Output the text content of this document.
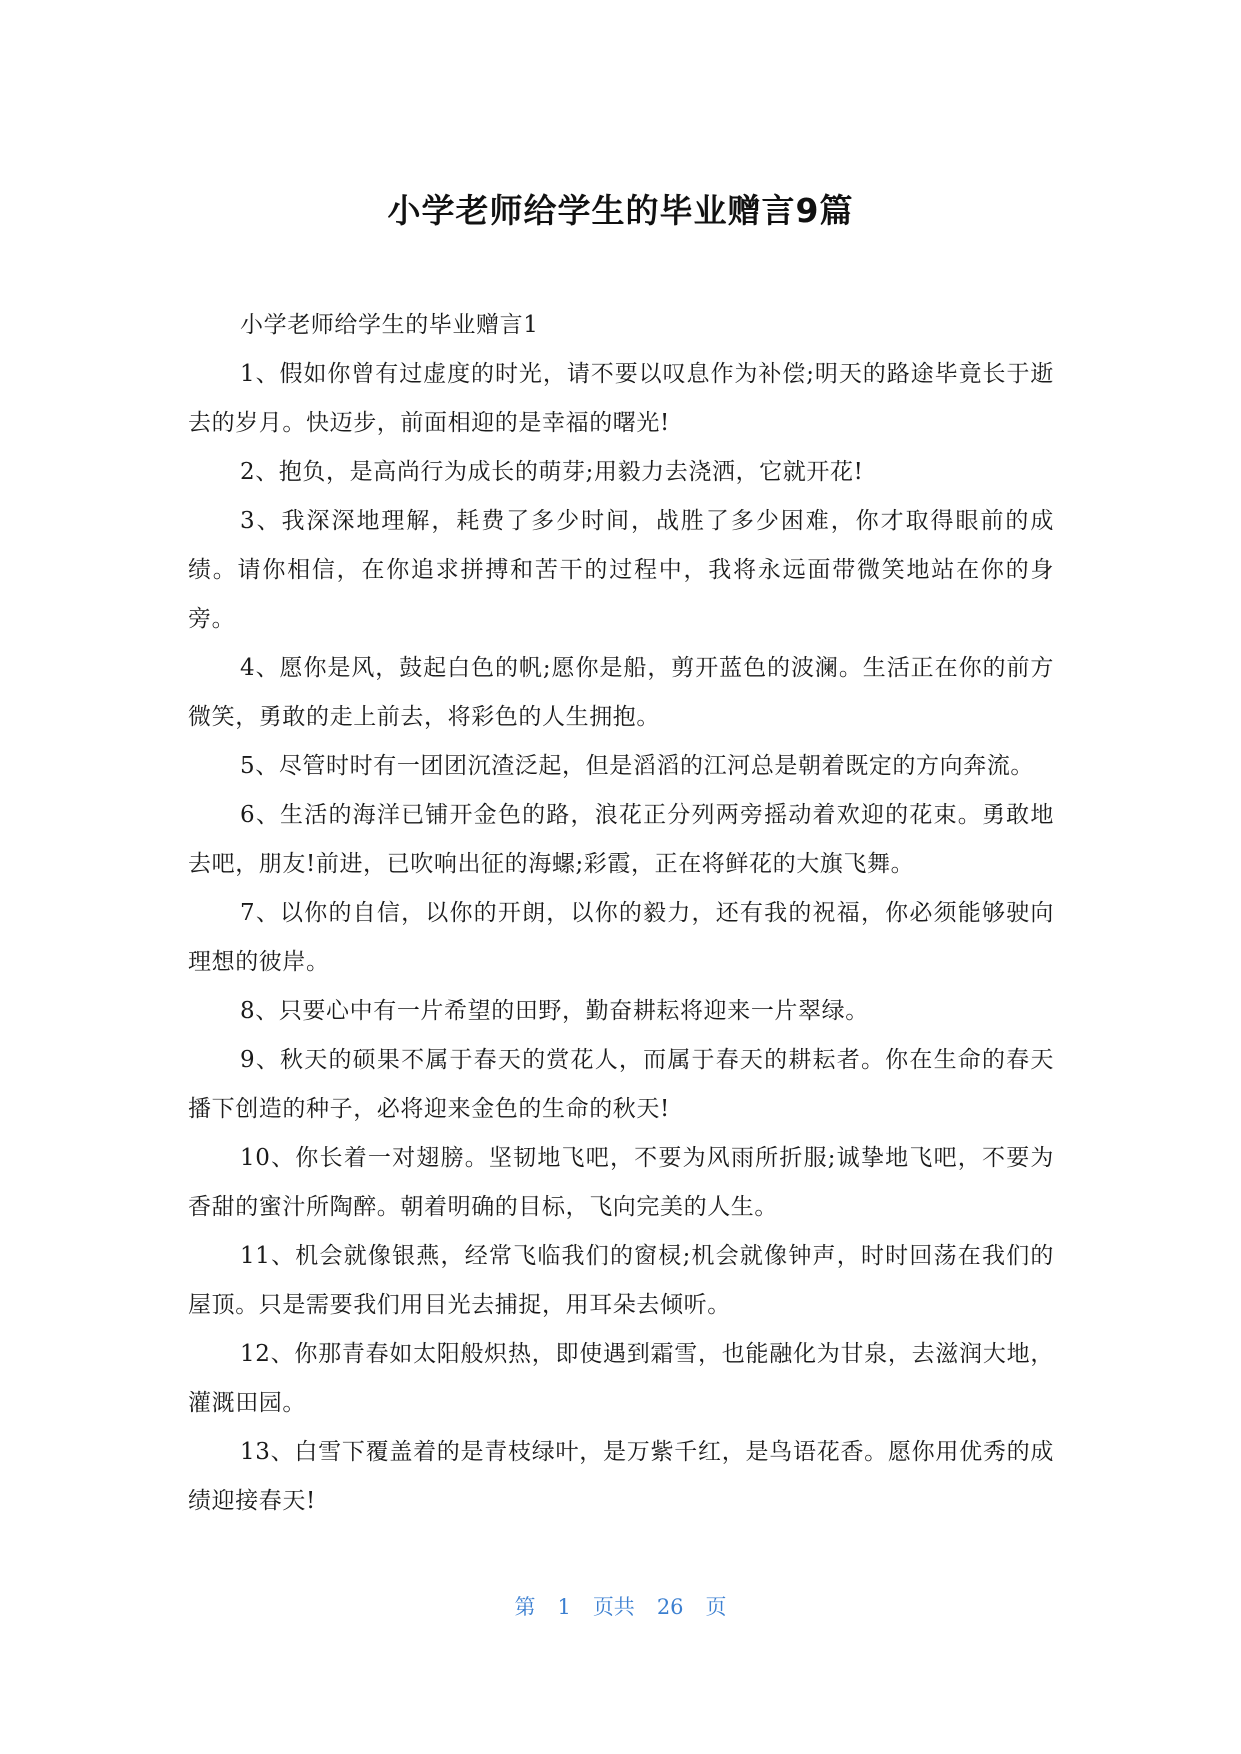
小学老师给学生的毕业赠言9篇

小学老师给学生的毕业赠言1

1、假如你曾有过虚度的时光，请不要以叹息作为补偿;明天的路途毕竟长于逝去的岁月。快迈步，前面相迎的是幸福的曙光!

2、抱负，是高尚行为成长的萌芽;用毅力去浇洒，它就开花!

3、我深深地理解，耗费了多少时间，战胜了多少困难，你才取得眼前的成绩。请你相信，在你追求拼搏和苦干的过程中，我将永远面带微笑地站在你的身旁。

4、愿你是风，鼓起白色的帆;愿你是船，剪开蓝色的波澜。生活正在你的前方微笑，勇敢的走上前去，将彩色的人生拥抱。

5、尽管时时有一团团沉渣泛起，但是滔滔的江河总是朝着既定的方向奔流。

6、生活的海洋已铺开金色的路，浪花正分列两旁摇动着欢迎的花束。勇敢地去吧，朋友!前进，已吹响出征的海螺;彩霞，正在将鲜花的大旗飞舞。

7、以你的自信，以你的开朗，以你的毅力，还有我的祝福，你必须能够驶向理想的彼岸。

8、只要心中有一片希望的田野，勤奋耕耘将迎来一片翠绿。

9、秋天的硕果不属于春天的赏花人，而属于春天的耕耘者。你在生命的春天播下创造的种子，必将迎来金色的生命的秋天!

10、你长着一对翅膀。坚韧地飞吧，不要为风雨所折服;诚挚地飞吧，不要为香甜的蜜汁所陶醉。朝着明确的目标，飞向完美的人生。

11、机会就像银燕，经常飞临我们的窗棂;机会就像钟声，时时回荡在我们的屋顶。只是需要我们用目光去捕捉，用耳朵去倾听。

12、你那青春如太阳般炽热，即使遇到霜雪，也能融化为甘泉，去滋润大地，灌溉田园。

13、白雪下覆盖着的是青枝绿叶，是万紫千红，是鸟语花香。愿你用优秀的成绩迎接春天!

第 1 页共 26 页
